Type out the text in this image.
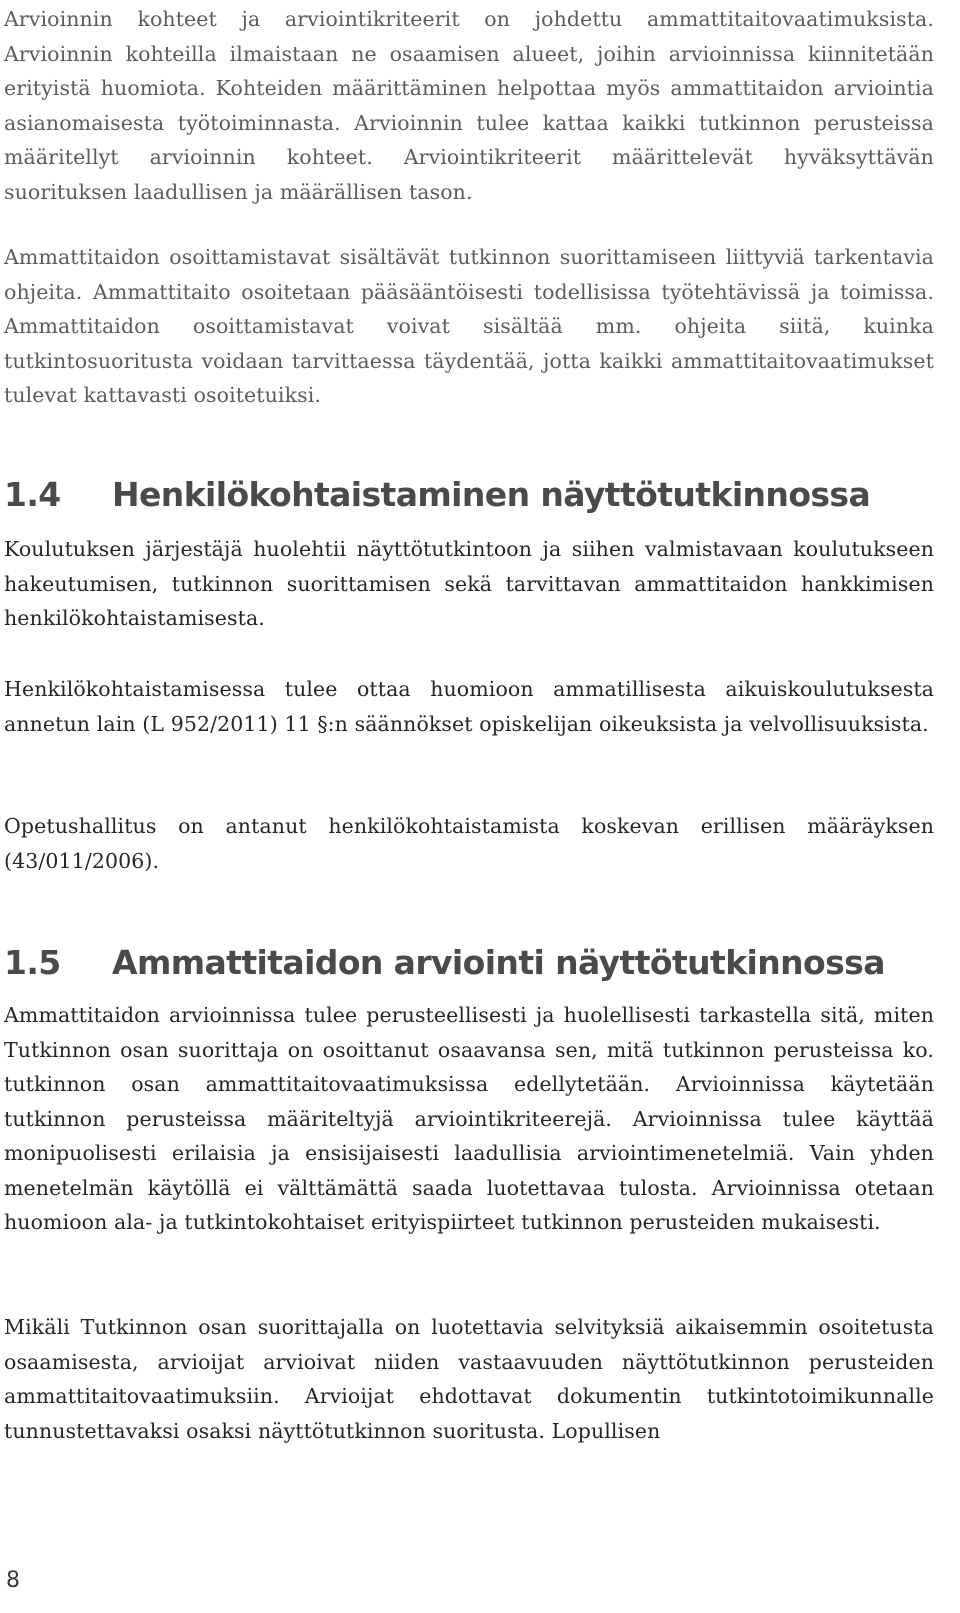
Arvioinnin kohteet ja arviointikriteerit on johdettu ammattitaitovaatimuksista. Arvioinnin kohteilla ilmaistaan ne osaamisen alueet, joihin arvioinnissa kiinnitetään erityistä huomiota. Kohteiden määrittäminen helpottaa myös ammattitaidon arviointia asianomaisesta työtoiminnasta. Arvioinnin tulee kattaa kaikki tutkinnon perusteissa määritellyt arvioinnin kohteet. Arviointikriteerit määrittelevät hyväksyttävän suorituksen laadullisen ja määrällisen tason.

Ammattitaidon osoittamistavat sisältävät tutkinnon suorittamiseen liittyviä tarkentavia ohjeita. Ammattitaito osoitetaan pääsääntöisesti todellisissa työtehtävissä ja toimissa. Ammattitaidon osoittamistavat voivat sisältää mm. ohjeita siitä, kuinka tutkintosuoritusta voidaan tarvittaessa täydentää, jotta kaikki ammattitaitovaatimukset tulevat kattavasti osoitetuiksi.

1.4	Henkilökohtaistaminen näyttötutkinnossa

Koulutuksen järjestäjä huolehtii näyttötutkintoon ja siihen valmistavaan koulutukseen hakeutumisen, tutkinnon suorittamisen sekä tarvittavan ammattitaidon hankkimisen henkilökohtaistamisesta.

Henkilökohtaistamisessa tulee ottaa huomioon ammatillisesta aikuiskoulutuksesta annetun lain (L 952/2011) 11 §:n säännökset opiskelijan oikeuksista ja velvollisuuksista.

Opetushallitus on antanut henkilökohtaistamista koskevan erillisen määräyksen (43/011/2006).

1.5	Ammattitaidon arviointi näyttötutkinnossa

Ammattitaidon arvioinnissa tulee perusteellisesti ja huolellisesti tarkastella sitä, miten Tutkinnon osan suorittaja on osoittanut osaavansa sen, mitä tutkinnon perusteissa ko. tutkinnon osan ammattitaitovaatimuksissa edellytetään. Arvioinnissa käytetään tutkinnon perusteissa määriteltyjä arviointikriteerejä. Arvioinnissa tulee käyttää monipuolisesti erilaisia ja ensisijaisesti laadullisia arviointimenetelmiä. Vain yhden menetelmän käytöllä ei välttämättä saada luotettavaa tulosta. Arvioinnissa otetaan huomioon ala- ja tutkintokohtaiset erityispiirteet tutkinnon perusteiden mukaisesti.

Mikäli Tutkinnon osan suorittajalla on luotettavia selvityksiä aikaisemmin osoitetusta osaamisesta, arvioijat arvioivat niiden vastaavuuden näyttötutkinnon perusteiden ammattitaitovaatimuksiin. Arvioijat ehdottavat dokumentin tutkintotoimikunnalle tunnustettavaksi osaksi näyttötutkinnon suoritusta. Lopullisen

8
